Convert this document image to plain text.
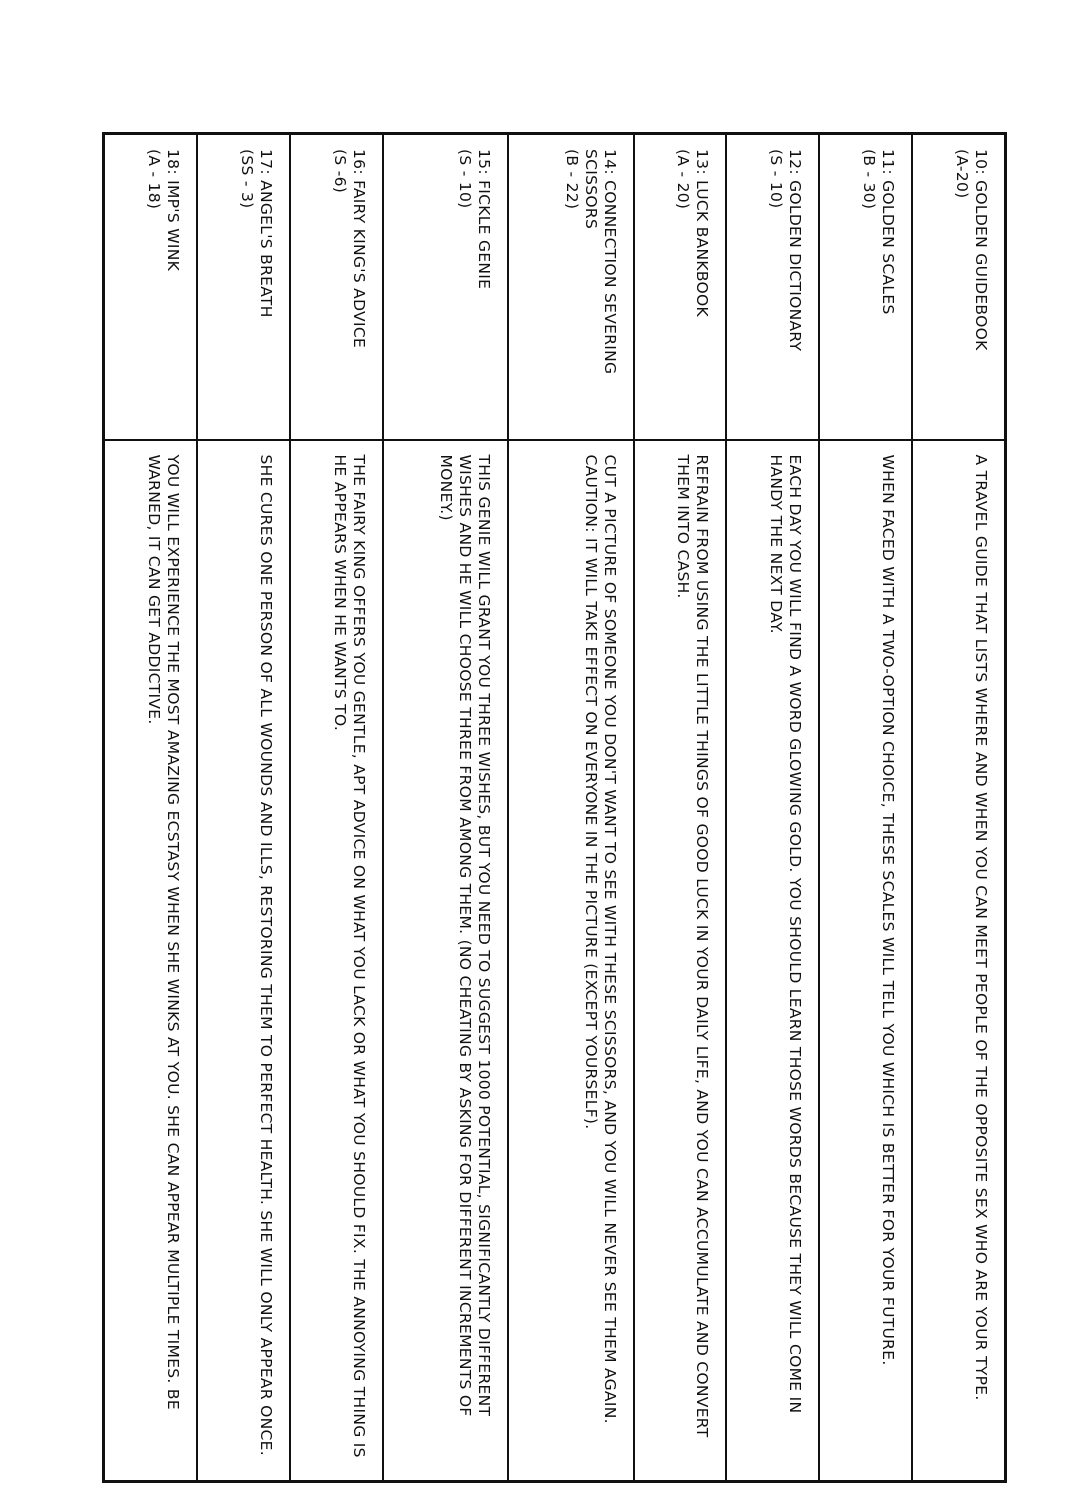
10: GOLDEN GUIDEBOOK
(A-20)	A TRAVEL GUIDE THAT LISTS WHERE AND WHEN YOU CAN MEET PEOPLE OF THE OPPOSITE SEX WHO ARE YOUR TYPE.

11: GOLDEN SCALES
(B - 30)	WHEN FACED WITH A TWO-OPTION CHOICE, THESE SCALES WILL TELL YOU WHICH IS BETTER FOR YOUR FUTURE.

12: GOLDEN DICTIONARY
(S - 10)	EACH DAY YOU WILL FIND A WORD GLOWING GOLD. YOU SHOULD LEARN THOSE WORDS BECAUSE THEY WILL COME IN HANDY THE NEXT DAY.

13: LUCK BANKBOOK
(A - 20)	REFRAIN FROM USING THE LITTLE THINGS OF GOOD LUCK IN YOUR DAILY LIFE, AND YOU CAN ACCUMULATE AND CONVERT THEM INTO CASH.

14: CONNECTION SEVERING
SCISSORS
(B - 22)	CUT A PICTURE OF SOMEONE YOU DON'T WANT TO SEE WITH THESE SCISSORS, AND YOU WILL NEVER SEE THEM AGAIN. CAUTION: IT WILL TAKE EFFECT ON EVERYONE IN THE PICTURE (EXCEPT YOURSELF).

15: FICKLE GENIE
(S - 10)	THIS GENIE WILL GRANT YOU THREE WISHES, BUT YOU NEED TO SUGGEST 1000 POTENTIAL, SIGNIFICANTLY DIFFERENT WISHES AND HE WILL CHOOSE THREE FROM AMONG THEM. (NO CHEATING BY ASKING FOR DIFFERENT INCREMENTS OF MONEY.)

16: FAIRY KING'S ADVICE
(S -6)	THE FAIRY KING OFFERS YOU GENTLE, APT ADVICE ON WHAT YOU LACK OR WHAT YOU SHOULD FIX. THE ANNOYING THING IS HE APPEARS WHEN HE WANTS TO.

17: ANGEL'S BREATH
(SS - 3)	SHE CURES ONE PERSON OF ALL WOUNDS AND ILLS, RESTORING THEM TO PERFECT HEALTH. SHE WILL ONLY APPEAR ONCE.

18: IMP'S WINK
(A - 18)	YOU WILL EXPERIENCE THE MOST AMAZING ECSTASY WHEN SHE WINKS AT YOU. SHE CAN APPEAR MULTIPLE TIMES. BE WARNED, IT CAN GET ADDICTIVE.
